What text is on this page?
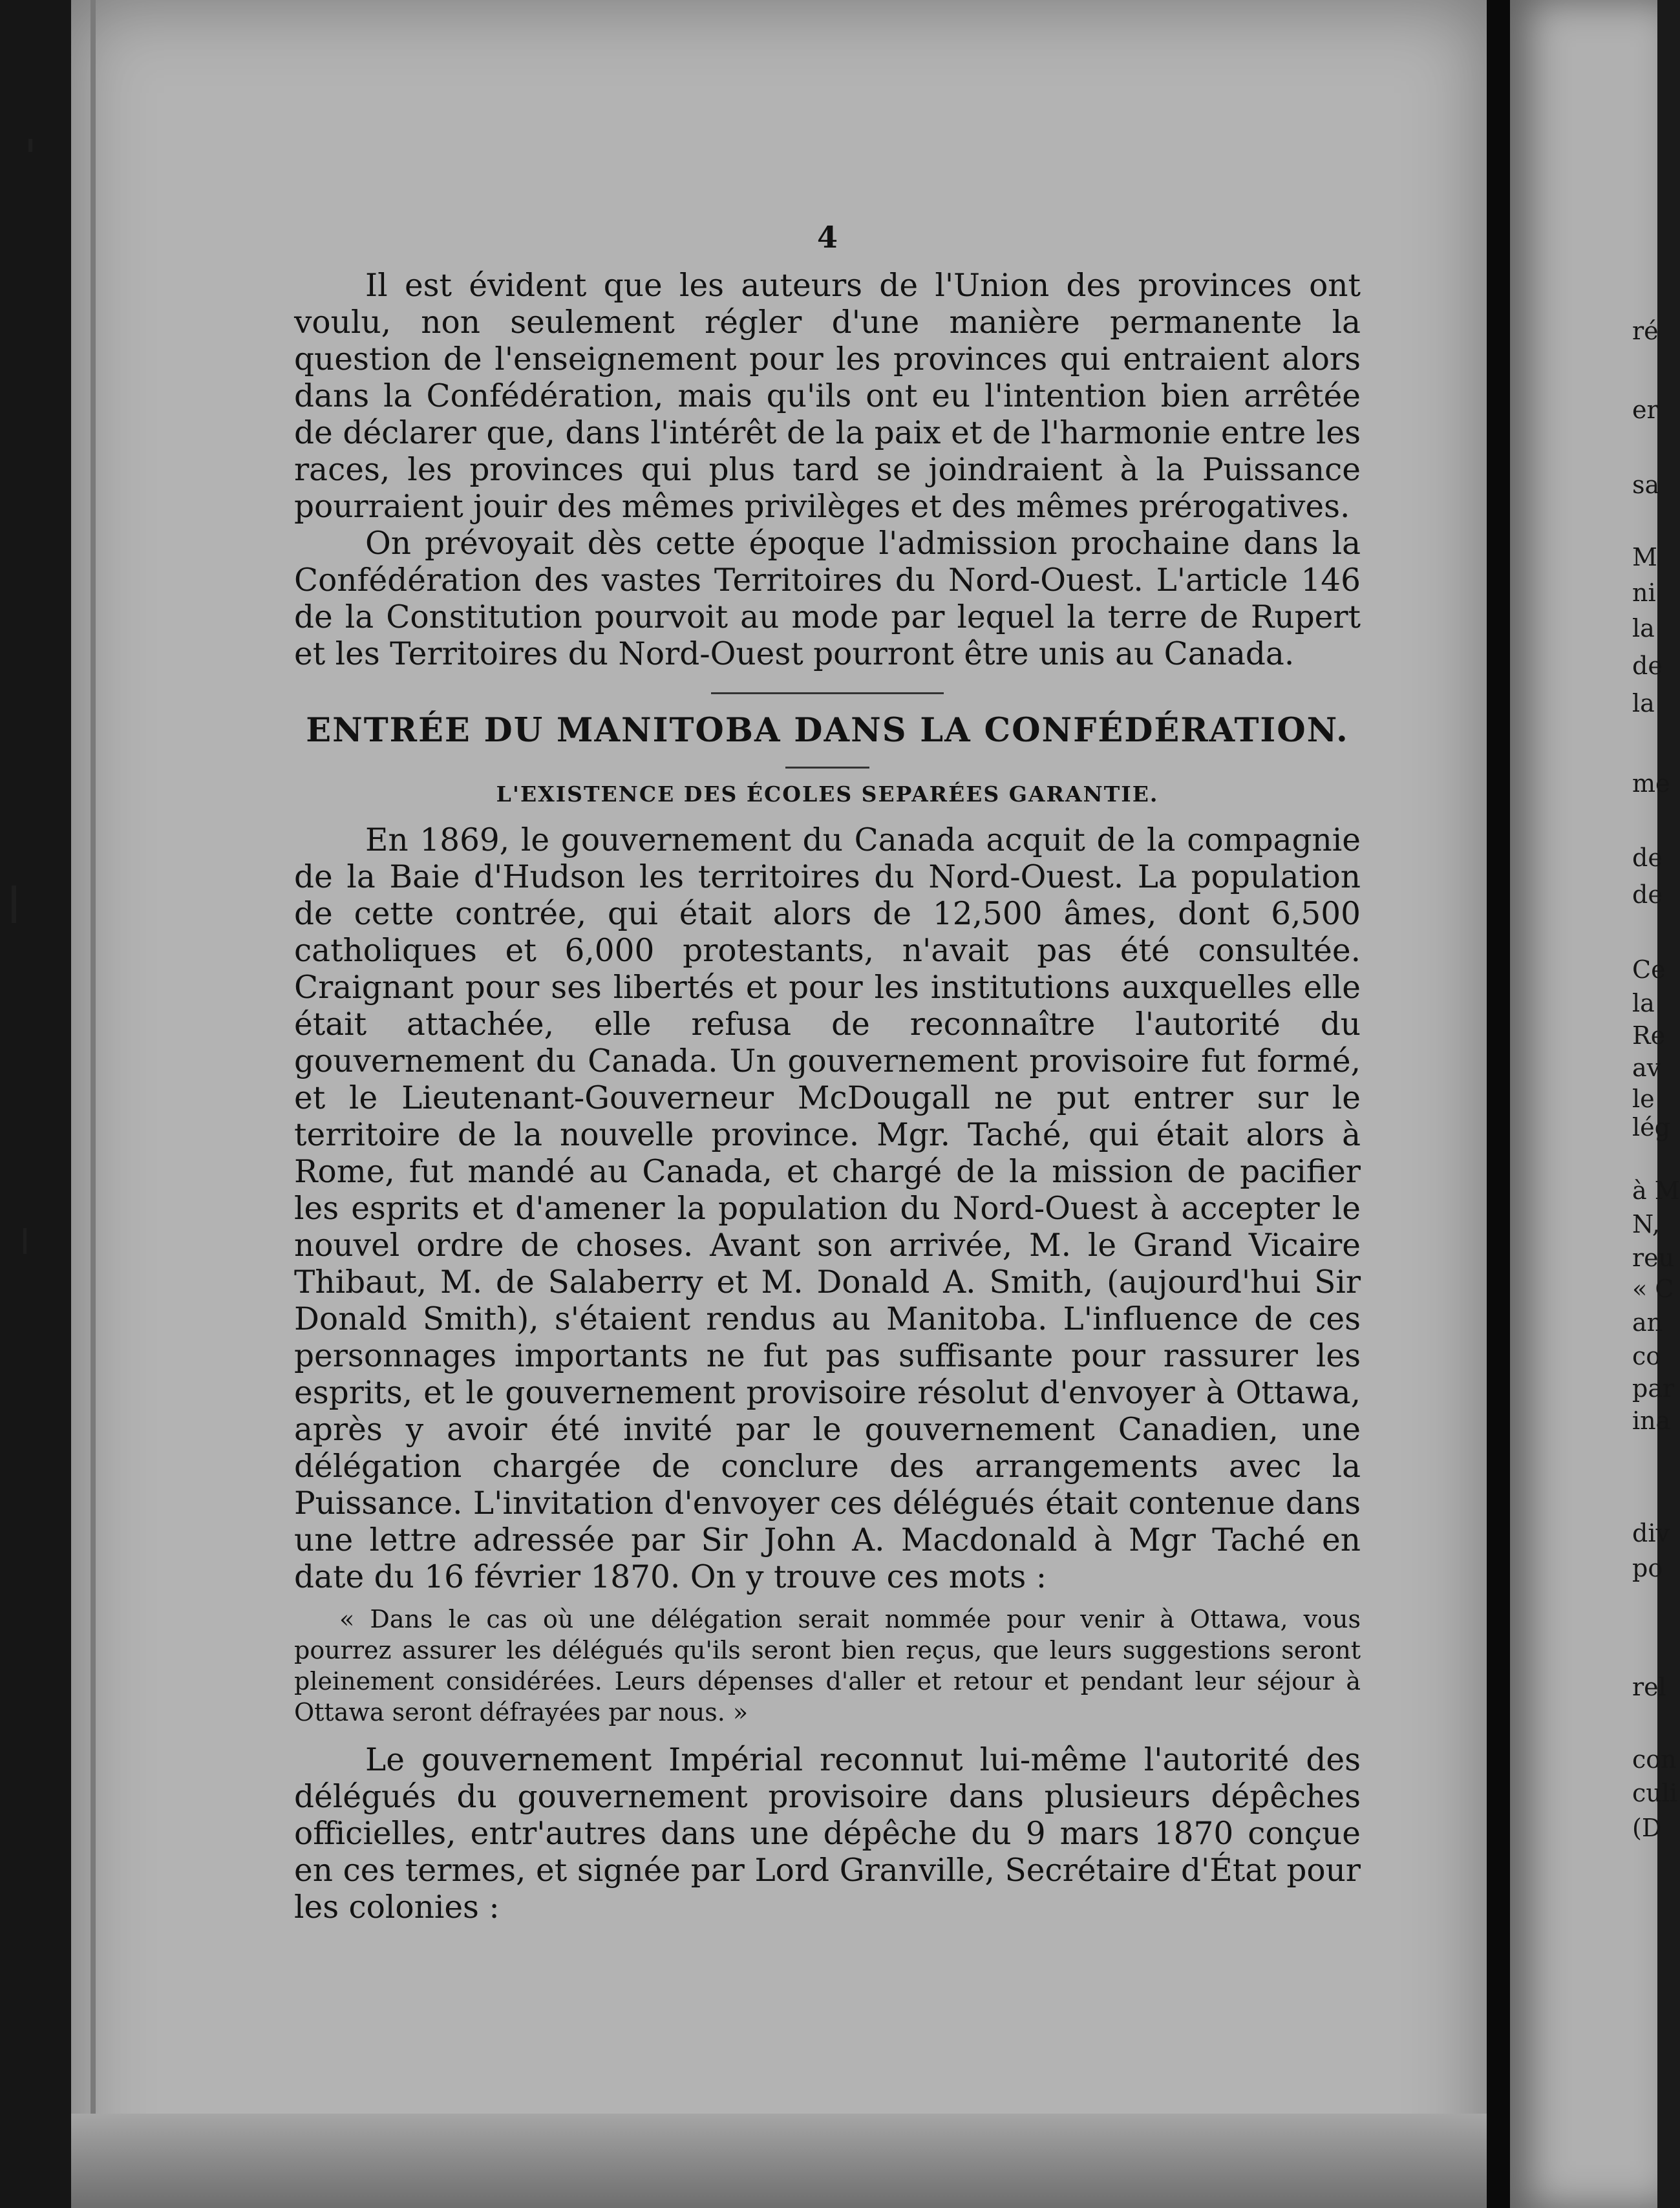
4

Il est évident que les auteurs de l'Union des provinces ont voulu, non seulement régler d'une manière permanente la question de l'enseignement pour les provinces qui entraient alors dans la Confédération, mais qu'ils ont eu l'intention bien arrêtée de déclarer que, dans l'intérêt de la paix et de l'harmonie entre les races, les provinces qui plus tard se joindraient à la Puissance pourraient jouir des mêmes privilèges et des mêmes prérogatives.

On prévoyait dès cette époque l'admission prochaine dans la Confédération des vastes Territoires du Nord-Ouest. L'article 146 de la Constitution pourvoit au mode par lequel la terre de Rupert et les Territoires du Nord-Ouest pourront être unis au Canada.

ENTRÉE DU MANITOBA DANS LA CONFÉDÉRATION.
L'EXISTENCE DES ÉCOLES SEPARÉES GARANTIE.

En 1869, le gouvernement du Canada acquit de la compagnie de la Baie d'Hudson les territoires du Nord-Ouest. La population de cette contrée, qui était alors de 12,500 âmes, dont 6,500 catholiques et 6,000 protestants, n'avait pas été consultée. Craignant pour ses libertés et pour les institutions auxquelles elle était attachée, elle refusa de reconnaître l'autorité du gouvernement du Canada. Un gouvernement provisoire fut formé, et le Lieutenant-Gouverneur McDougall ne put entrer sur le territoire de la nouvelle province. Mgr. Taché, qui était alors à Rome, fut mandé au Canada, et chargé de la mission de pacifier les esprits et d'amener la population du Nord-Ouest à accepter le nouvel ordre de choses. Avant son arrivée, M. le Grand Vicaire Thibaut, M. de Salaberry et M. Donald A. Smith, (aujourd'hui Sir Donald Smith), s'étaient rendus au Manitoba. L'influence de ces personnages importants ne fut pas suffisante pour rassurer les esprits, et le gouvernement provisoire résolut d'envoyer à Ottawa, après y avoir été invité par le gouvernement Canadien, une délégation chargée de conclure des arrangements avec la Puissance. L'invitation d'envoyer ces délégués était contenue dans une lettre adressée par Sir John A. Macdonald à Mgr Taché en date du 16 février 1870. On y trouve ces mots :

« Dans le cas où une délégation serait nommée pour venir à Ottawa, vous pourrez assurer les délégués qu'ils seront bien reçus, que leurs suggestions seront pleinement considérées. Leurs dépenses d'aller et retour et pendant leur séjour à Ottawa seront défrayées par nous. »

Le gouvernement Impérial reconnut lui-même l'autorité des délégués du gouvernement provisoire dans plusieurs dépêches officielles, entr'autres dans une dépêche du 9 mars 1870 conçue en ces termes, et signée par Lord Granville, Secrétaire d'État pour les colonies :

ré
er
sa
M
ni
la
de
la
me
de
de
Ce
la
Re
av
le
lég
à M
N,
reu
« C
an
co
par
ina
div
po
rel
con
culi
(D
